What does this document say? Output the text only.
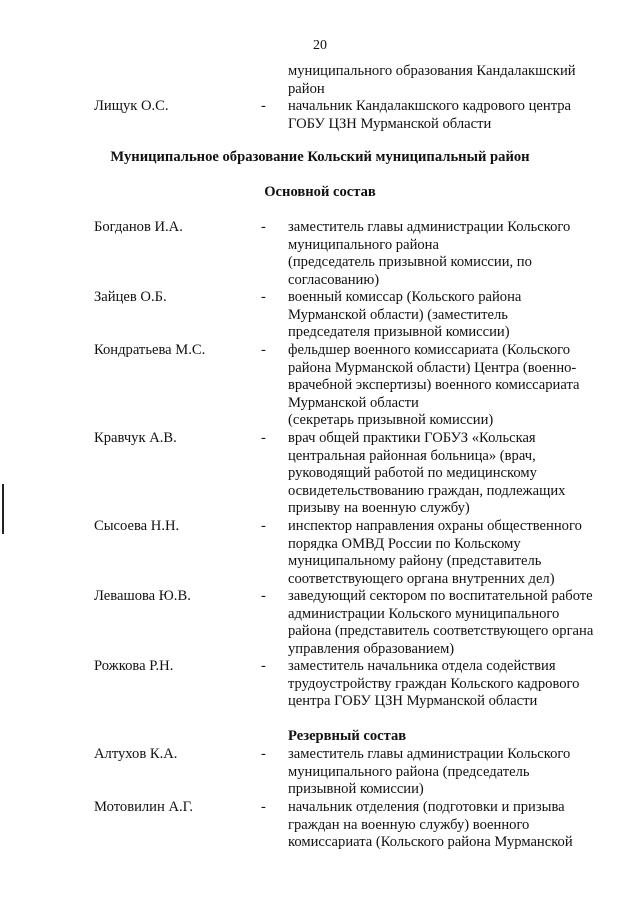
20
муниципального образования Кандалакшский
район
Лищук О.С.	- начальник Кандалакшского кадрового центра
ГОБУ ЦЗН Мурманской области
Муниципальное образование Кольский муниципальный район
Основной состав
Богданов И.А.	- заместитель главы администрации Кольского
муниципального района
(председатель призывной комиссии, по
согласованию)
Зайцев О.Б.	- военный комиссар (Кольского района
Мурманской области) (заместитель
председателя призывной комиссии)
Кондратьева М.С.	- фельдшер военного комиссариата (Кольского
района Мурманской области) Центра (военно-
врачебной экспертизы) военного комиссариата
Мурманской области
(секретарь призывной комиссии)
Кравчук А.В.	- врач общей практики ГОБУЗ «Кольская
центральная районная больница» (врач,
руководящий работой по медицинскому
освидетельствованию граждан, подлежащих
призыву на военную службу)
Сысоева Н.Н.	- инспектор направления охраны общественного
порядка ОМВД России по Кольскому
муниципальному району (представитель
соответствующего органа внутренних дел)
Левашова Ю.В.	- заведующий сектором по воспитательной работе
администрации Кольского муниципального
района (представитель соответствующего органа
управления образованием)
Рожкова Р.Н.	- заместитель начальника отдела содействия
трудоустройству граждан Кольского кадрового
центра ГОБУ ЦЗН Мурманской области
Резервный состав
Алтухов К.А.	- заместитель главы администрации Кольского
муниципального района (председатель
призывной комиссии)
Мотовилин А.Г.	- начальник отделения (подготовки и призыва
граждан на военную службу) военного
комиссариата (Кольского района Мурманской
